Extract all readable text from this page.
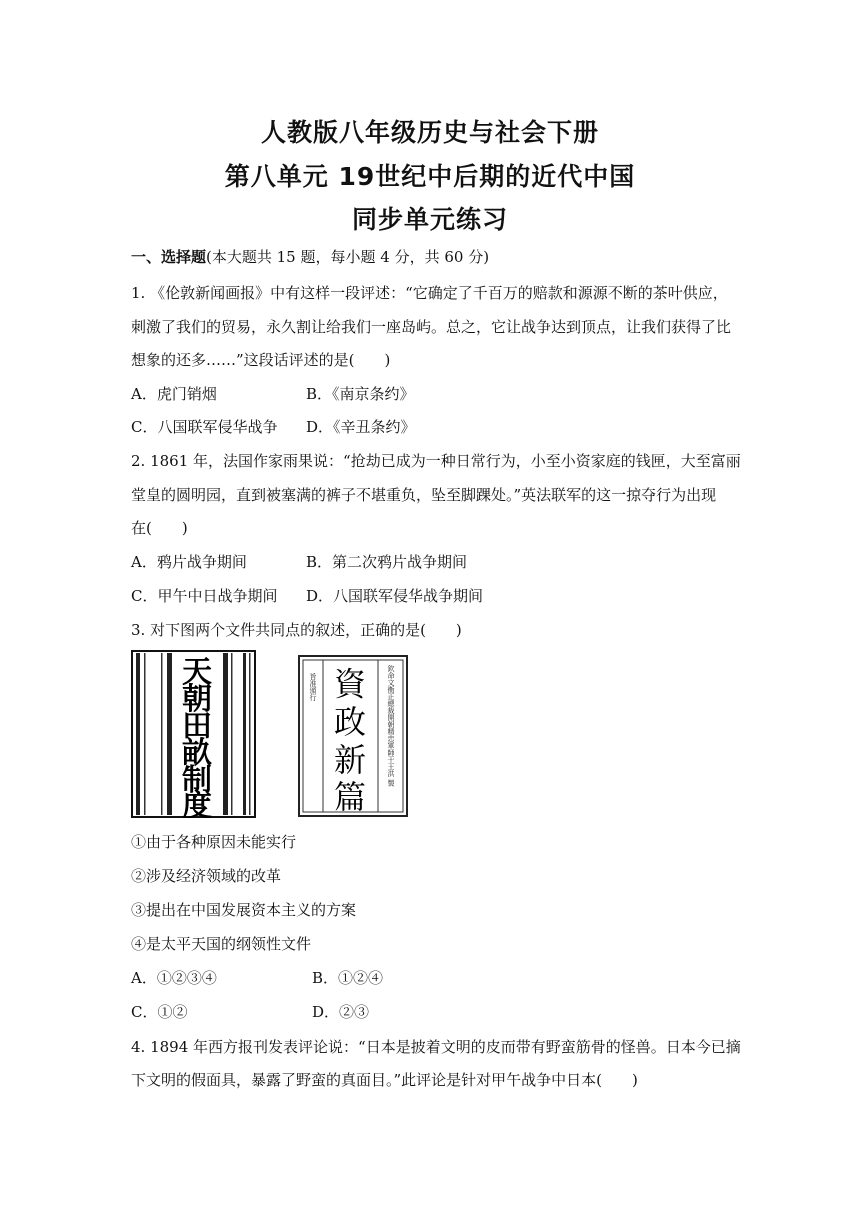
人教版八年级历史与社会下册
第八单元 19世纪中后期的近代中国
同步单元练习
一、选择题(本大题共 15 题，每小题 4 分，共 60 分)
1. 《伦敦新闻画报》中有这样一段评述：“它确定了千百万的赔款和源源不断的茶叶供应，
刺激了我们的贸易，永久割让给我们一座岛屿。总之，它让战争达到顶点，让我们获得了比
想象的还多……”这段话评述的是(　　)
A．虎门销烟	B．《南京条约》
C．八国联军侵华战争 D．《辛丑条约》
2. 1861 年，法国作家雨果说：“抢劫已成为一种日常行为，小至小资家庭的钱匣，大至富丽
堂皇的圆明园，直到被塞满的裤子不堪重负，坠至脚踝处。”英法联军的这一掠夺行为出现
在(　　)
A．鸦片战争期间	B．第二次鸦片战争期间
C．甲午中日战争期间 D．八国联军侵华战争期间
3. 对下图两个文件共同点的叙述，正确的是(　　)
天
朝
田
畝
制
度
旨准頒行	欽命文衡正總裁開朝精忠軍師干王洪 製
資
政
新
篇
①由于各种原因未能实行
②涉及经济领域的改革
③提出在中国发展资本主义的方案
④是太平天国的纲领性文件
A．①②③④	B．①②④
C．①②	D．②③
4. 1894 年西方报刊发表评论说：“日本是披着文明的皮而带有野蛮筋骨的怪兽。日本今已摘
下文明的假面具，暴露了野蛮的真面目。”此评论是针对甲午战争中日本(　　)
